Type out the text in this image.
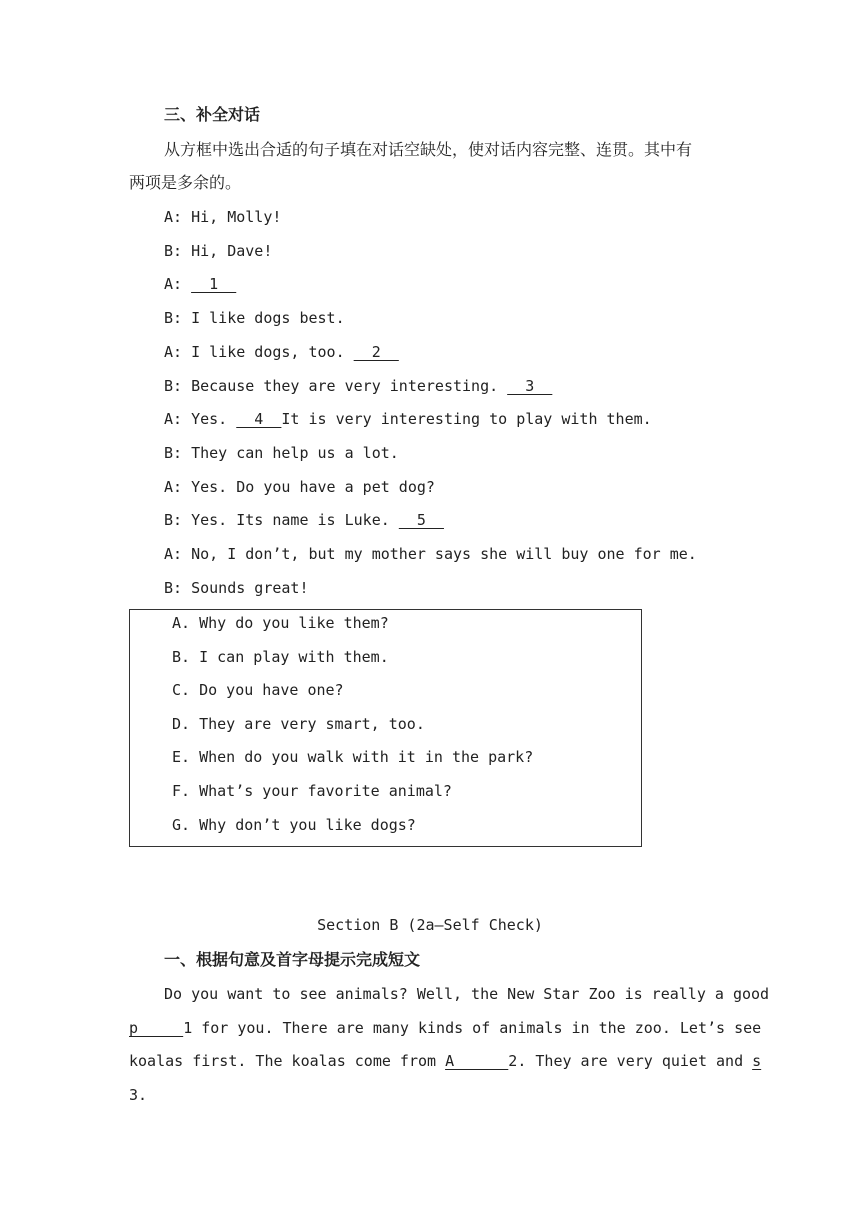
三、补全对话
从方框中选出合适的句子填在对话空缺处，使对话内容完整、连贯。其中有
两项是多余的。
A: Hi, Molly!
B: Hi, Dave!
A:   1
B: I like dogs best.
A: I like dogs, too.   2
B: Because they are very interesting.   3
A: Yes.   4  It is very interesting to play with them.
B: They can help us a lot.
A: Yes. Do you have a pet dog?
B: Yes. Its name is Luke.   5
A: No, I don’t, but my mother says she will buy one for me.
B: Sounds great!
A. Why do you like them?
B. I can play with them.
C. Do you have one?
D. They are very smart, too.
E. When do you walk with it in the park?
F. What’s your favorite animal?
G. Why don’t you like dogs?
Section B (2a—Self Check)
一、根据句意及首字母提示完成短文
Do you want to see animals? Well, the New Star Zoo is really a good
p     1 for you. There are many kinds of animals in the zoo. Let’s see
koalas first. The koalas come from A      2. They are very quiet and s
3.
